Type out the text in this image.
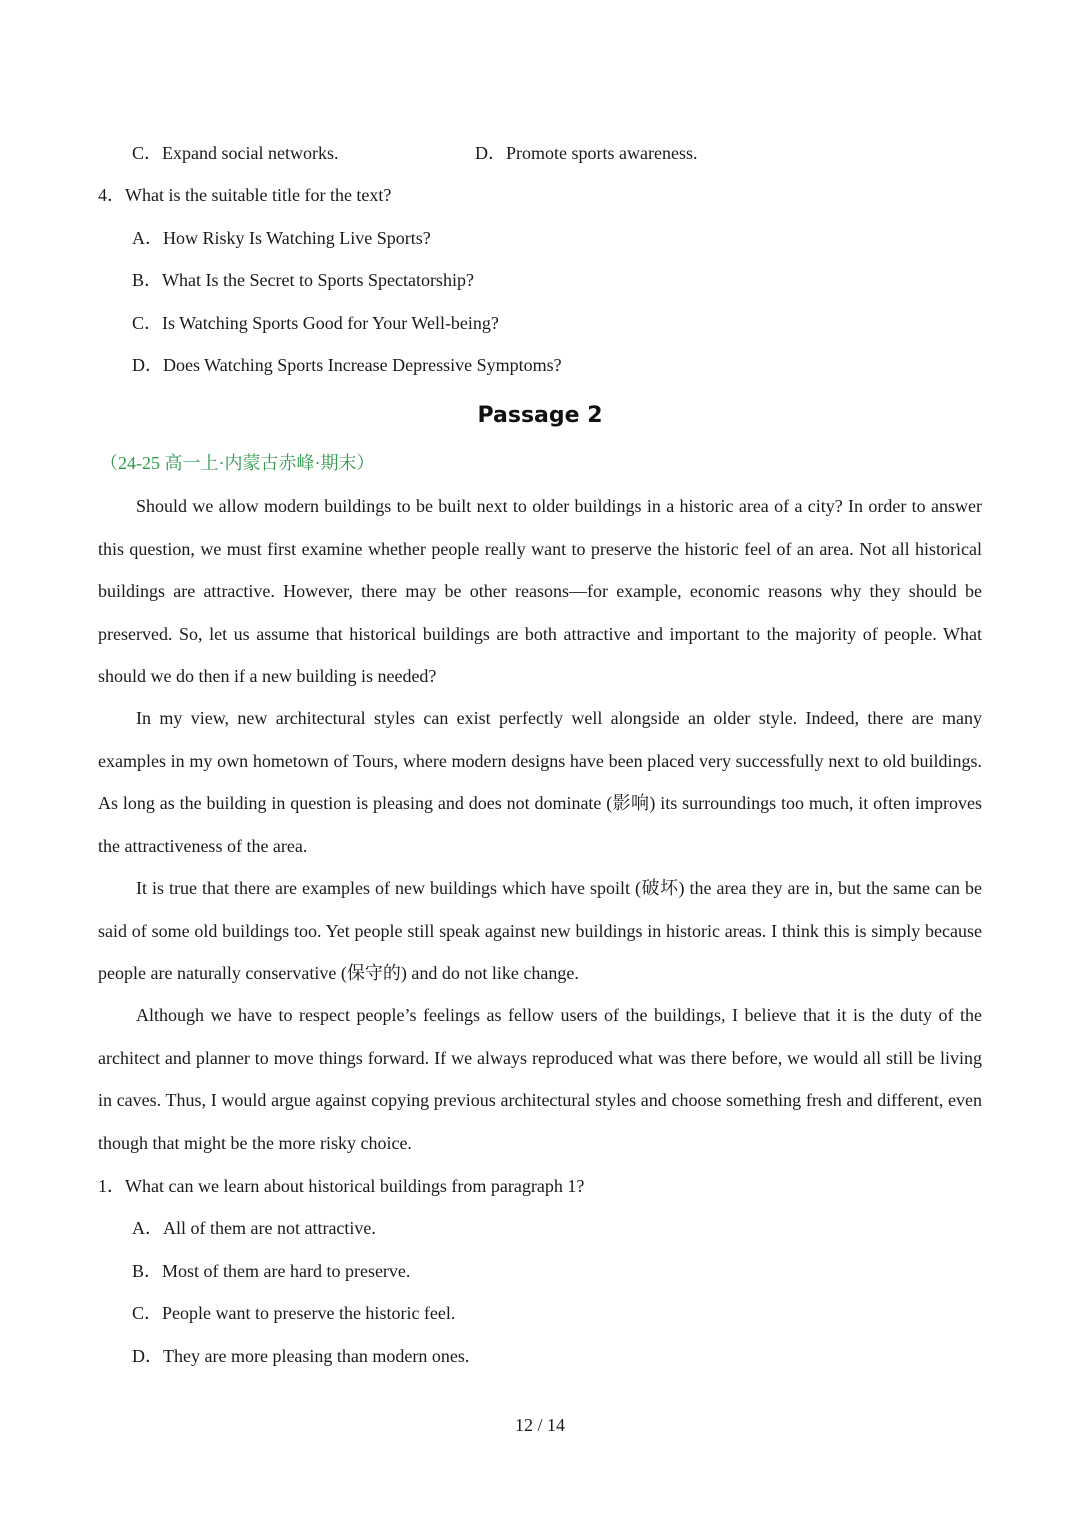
C．Expand social networks.	D．Promote sports awareness.
4．What is the suitable title for the text?
A．How Risky Is Watching Live Sports?
B．What Is the Secret to Sports Spectatorship?
C．Is Watching Sports Good for Your Well-being?
D．Does Watching Sports Increase Depressive Symptoms?
Passage 2
（24-25 高一上·内蒙古赤峰·期末）
Should we allow modern buildings to be built next to older buildings in a historic area of a city? In order to answer this question, we must first examine whether people really want to preserve the historic feel of an area. Not all historical buildings are attractive. However, there may be other reasons—for example, economic reasons why they should be preserved. So, let us assume that historical buildings are both attractive and important to the majority of people. What should we do then if a new building is needed?
In my view, new architectural styles can exist perfectly well alongside an older style. Indeed, there are many examples in my own hometown of Tours, where modern designs have been placed very successfully next to old buildings. As long as the building in question is pleasing and does not dominate (影响) its surroundings too much, it often improves the attractiveness of the area.
It is true that there are examples of new buildings which have spoilt (破坏) the area they are in, but the same can be said of some old buildings too. Yet people still speak against new buildings in historic areas. I think this is simply because people are naturally conservative (保守的) and do not like change.
Although we have to respect people’s feelings as fellow users of the buildings, I believe that it is the duty of the architect and planner to move things forward. If we always reproduced what was there before, we would all still be living in caves. Thus, I would argue against copying previous architectural styles and choose something fresh and different, even though that might be the more risky choice.
1．What can we learn about historical buildings from paragraph 1?
A．All of them are not attractive.
B．Most of them are hard to preserve.
C．People want to preserve the historic feel.
D．They are more pleasing than modern ones.
12 / 14
